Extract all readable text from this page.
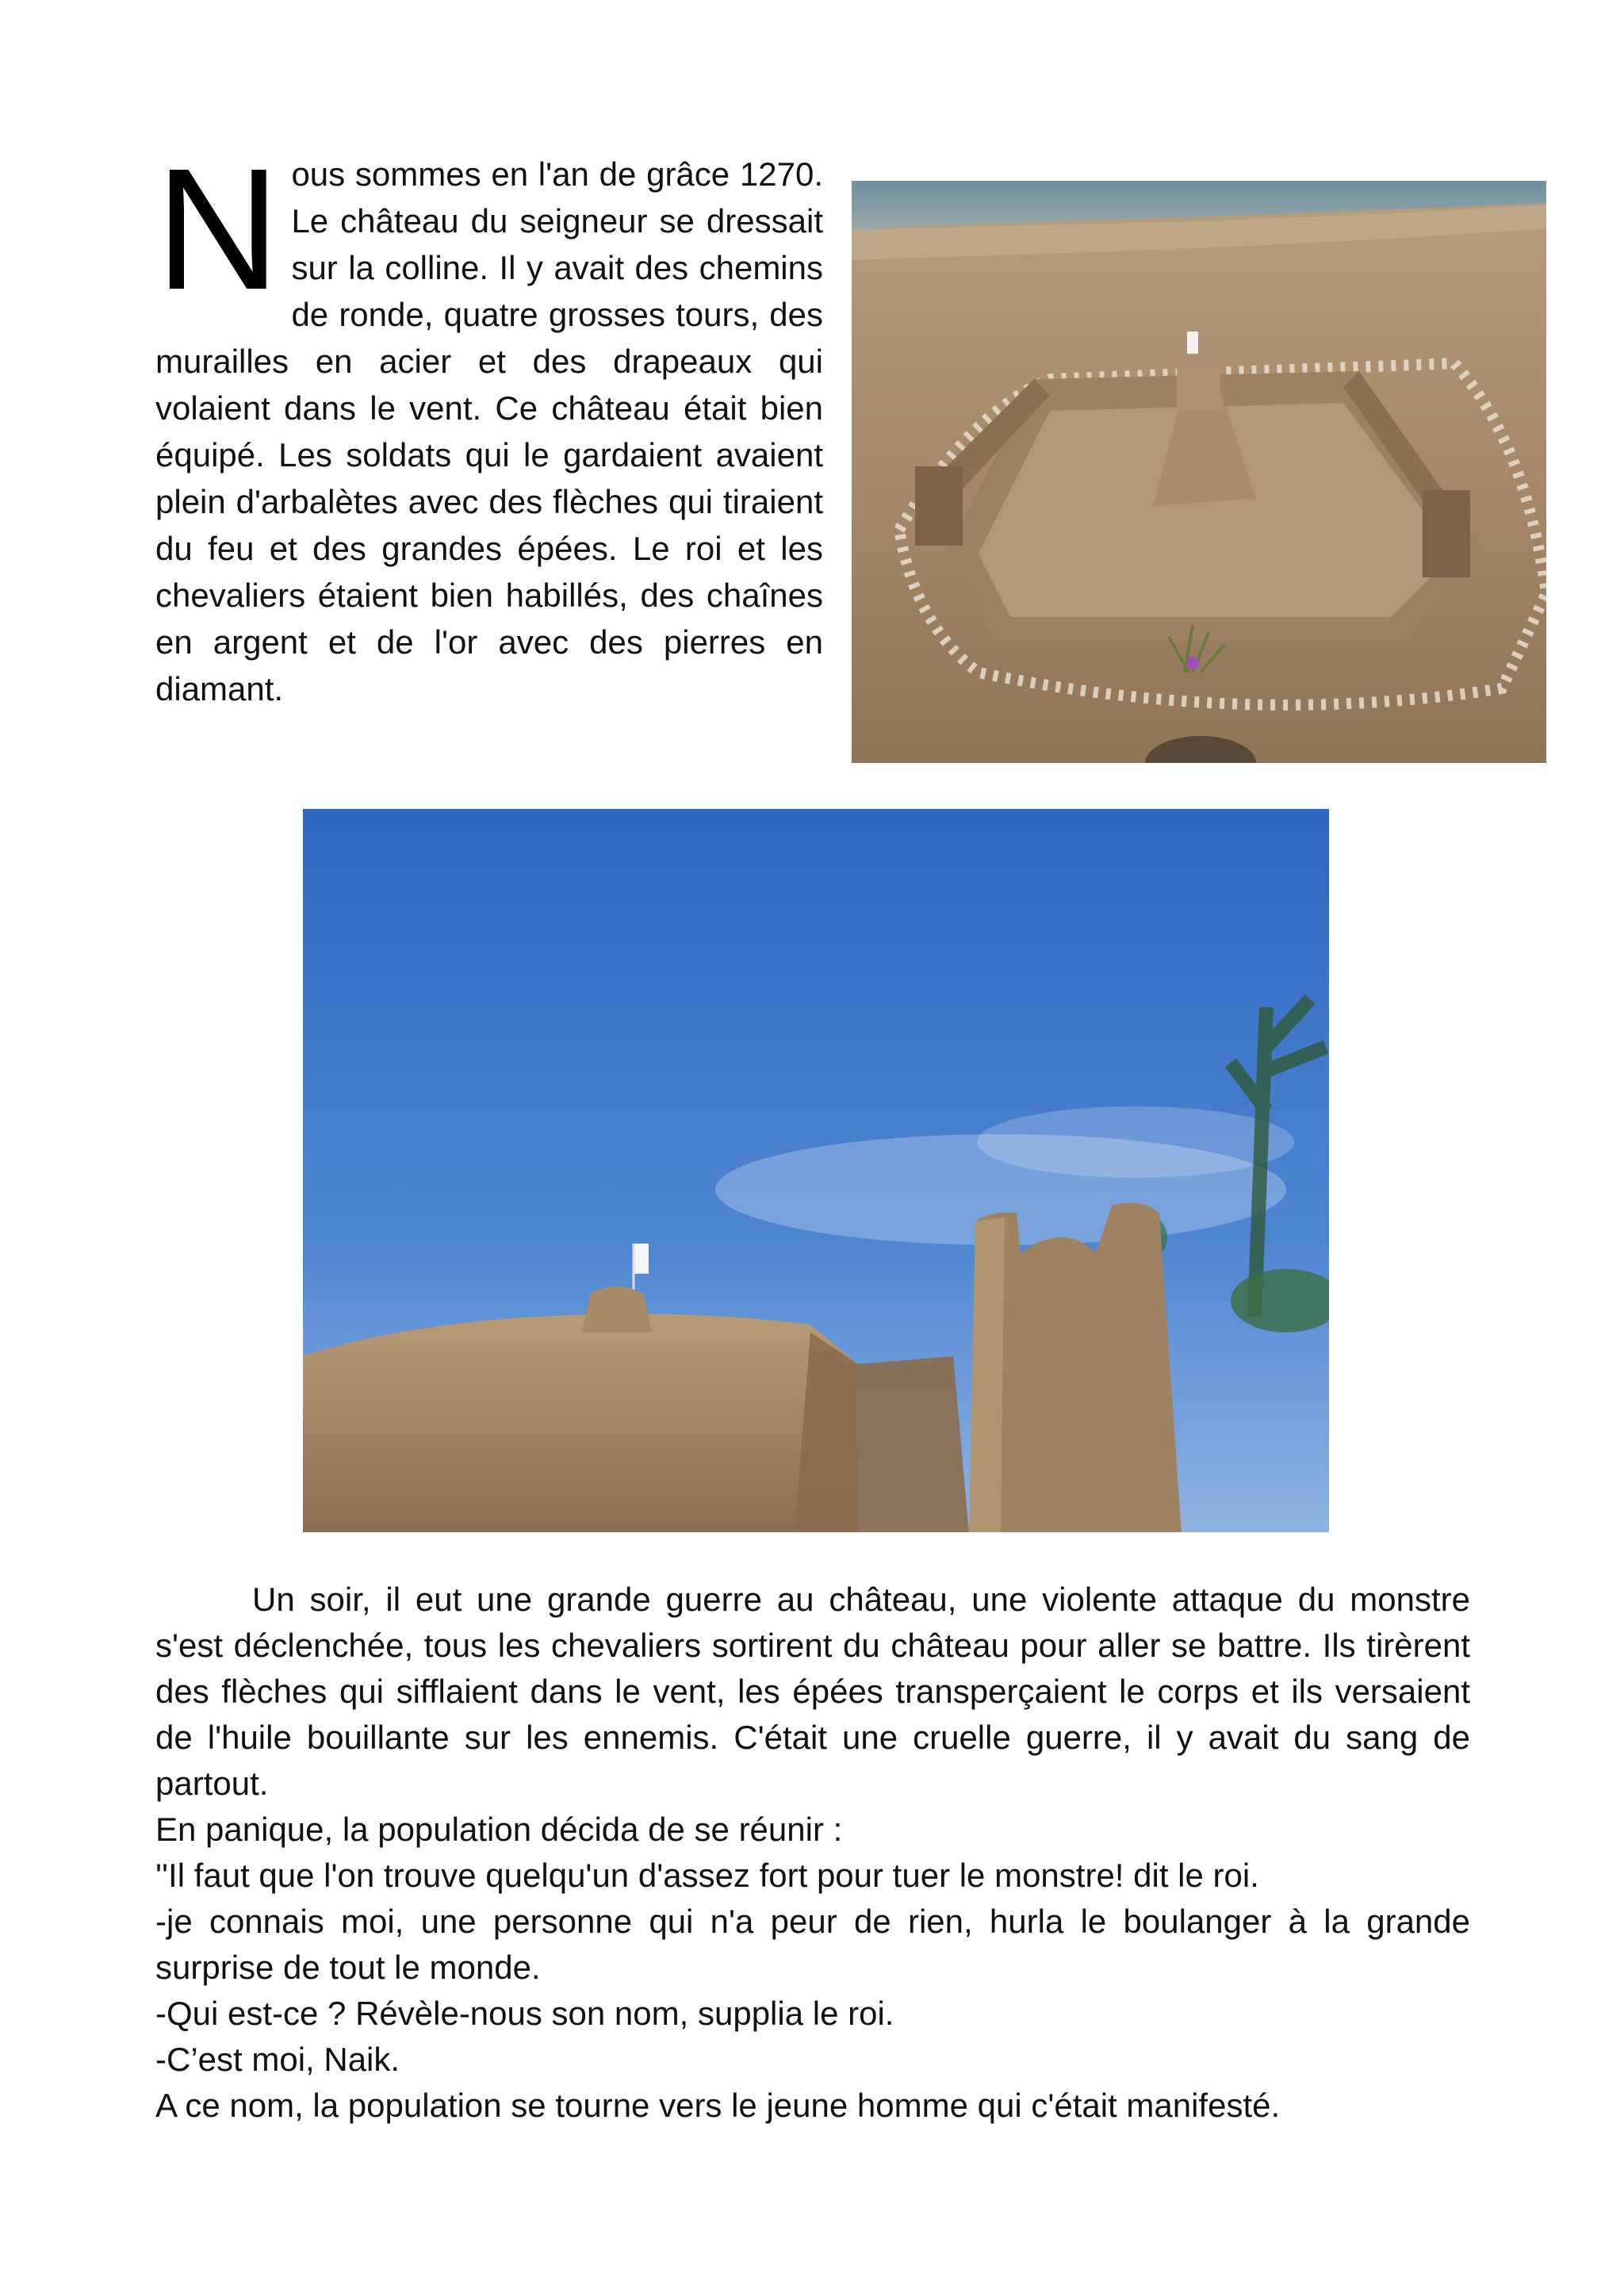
N ous sommes en l'an de grâce 1270. Le château du seigneur se dressait sur la colline. Il y avait des chemins de ronde, quatre grosses tours, des murailles en acier et des drapeaux qui volaient dans le vent. Ce château était bien équipé. Les soldats qui le gardaient avaient plein d'arbalètes avec des flèches qui tiraient du feu et des grandes épées. Le roi et les chevaliers étaient bien habillés, des chaînes en argent et de l'or avec des pierres en diamant.

Un soir, il eut une grande guerre au château, une violente attaque du monstre s'est déclenchée, tous les chevaliers sortirent du château pour aller se battre. Ils tirèrent des flèches qui sifflaient dans le vent, les épées transperçaient le corps et ils versaient de l'huile bouillante sur les ennemis. C'était une cruelle guerre, il y avait du sang de partout.

En panique, la population décida de se réunir :

''Il faut que l'on trouve quelqu'un d'assez fort pour tuer le monstre! dit le roi.

-je connais moi, une personne qui n'a peur de rien, hurla le boulanger à la grande surprise de tout le monde.

-Qui est-ce ? Révèle-nous son nom, supplia le roi.

-C’est moi, Naik.

A ce nom, la population se tourne vers le jeune homme qui c'était manifesté.
